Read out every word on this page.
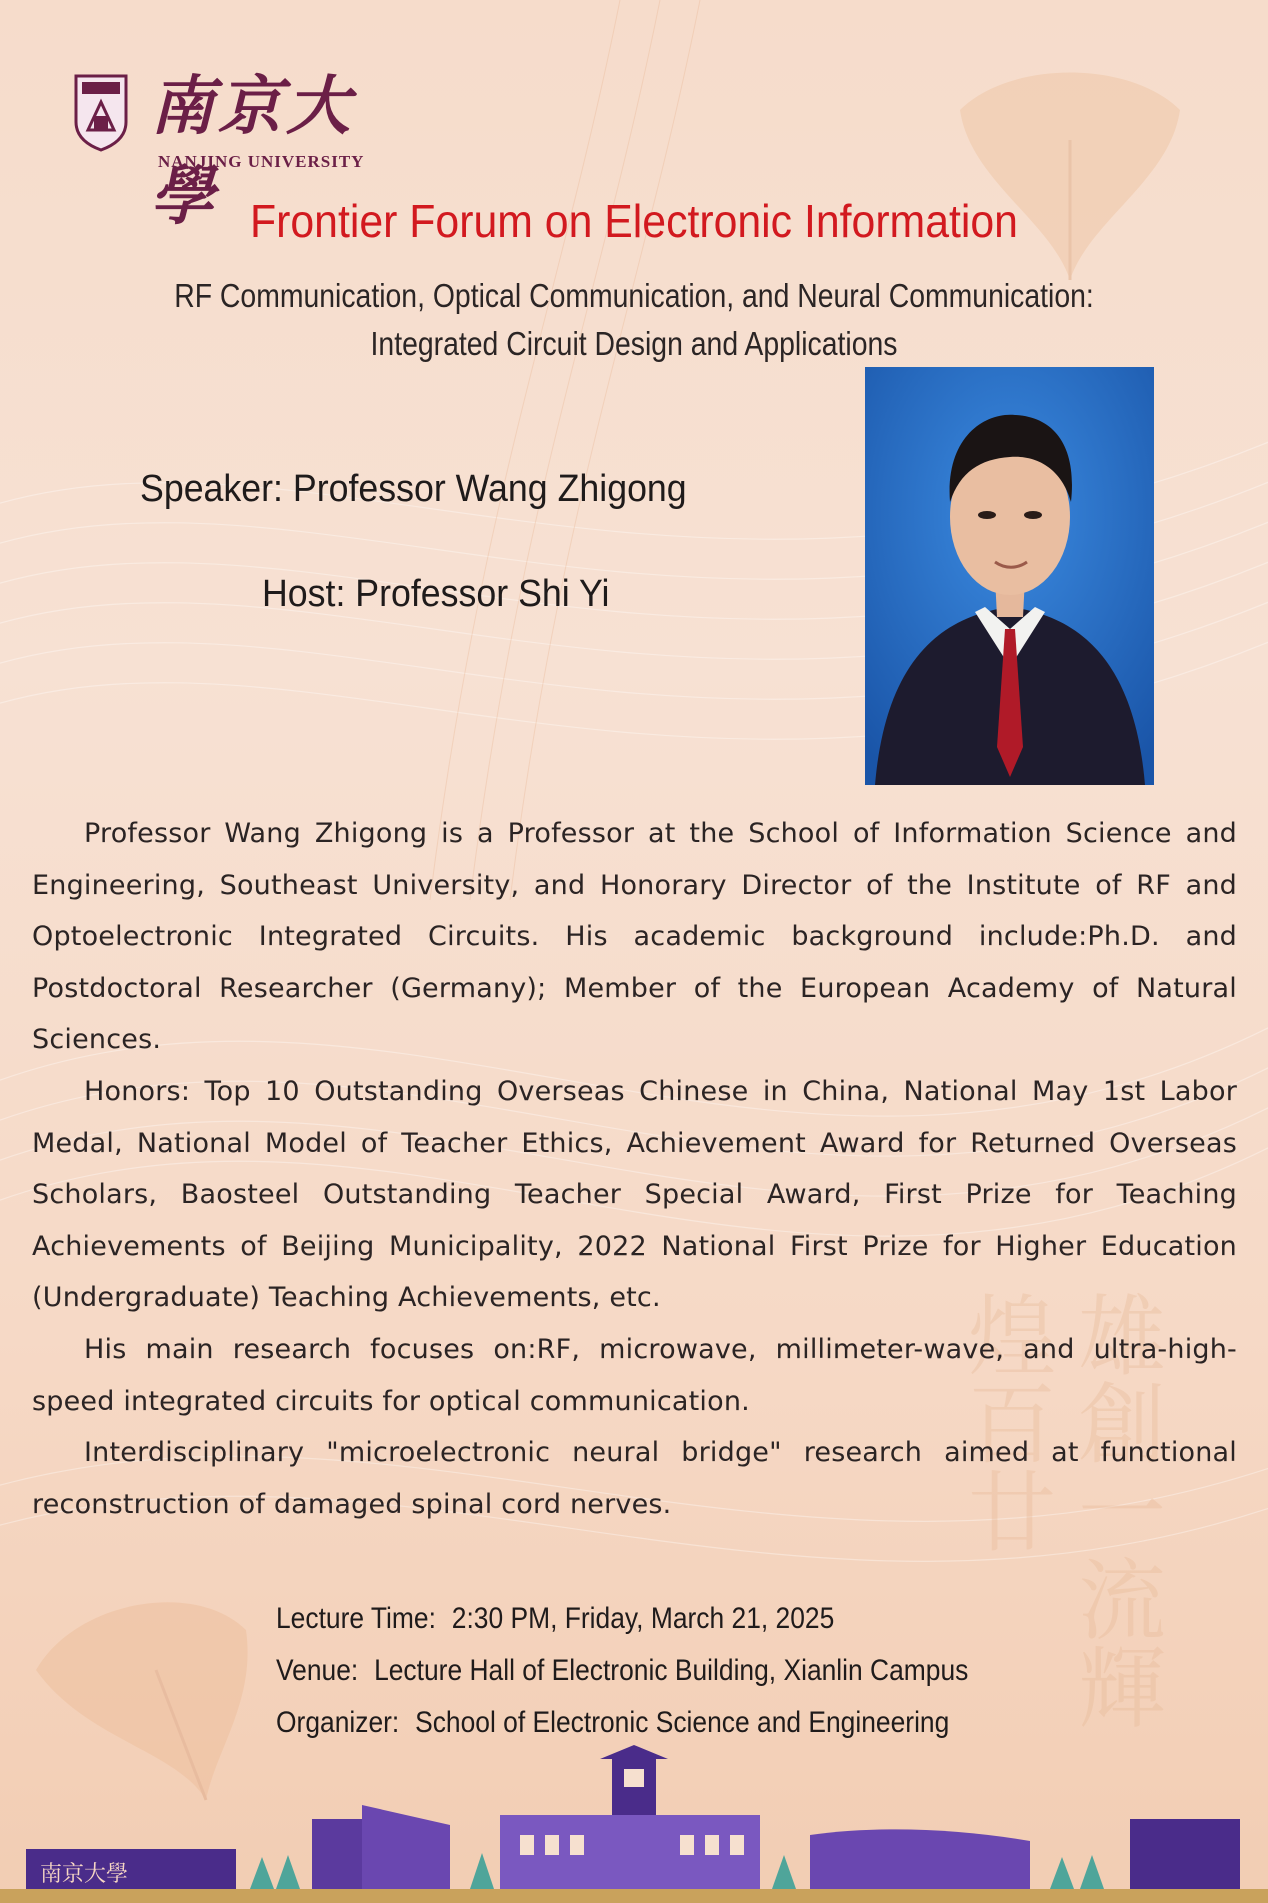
雄創一流輝煌百廿
南京大學
NANJING UNIVERSITY
Frontier Forum on Electronic Information
RF Communication, Optical Communication, and Neural Communication:
Integrated Circuit Design and Applications
Speaker: Professor Wang Zhigong
Host: Professor Shi Yi

Professor Wang Zhigong is a Professor at the School of Information Science and Engineering, Southeast University, and Honorary Director of the Institute of RF and Optoelectronic Integrated Circuits. His academic background include:Ph.D. and Postdoctoral Researcher (Germany); Member of the European Academy of Natural Sciences.

Honors: Top 10 Outstanding Overseas Chinese in China, National May 1st Labor Medal, National Model of Teacher Ethics, Achievement Award for Returned Overseas Scholars, Baosteel Outstanding Teacher Special Award, First Prize for Teaching Achievements of Beijing Municipality, 2022 National First Prize for Higher Education (Undergraduate) Teaching Achievements, etc.

His main research focuses on:RF, microwave, millimeter-wave, and ultra-high-speed integrated circuits for optical communication.

Interdisciplinary "microelectronic neural bridge" research aimed at functional reconstruction of damaged spinal cord nerves.

Lecture Time: 2:30 PM, Friday, March 21, 2025
Venue: Lecture Hall of Electronic Building, Xianlin Campus
Organizer: School of Electronic Science and Engineering
南京大學
